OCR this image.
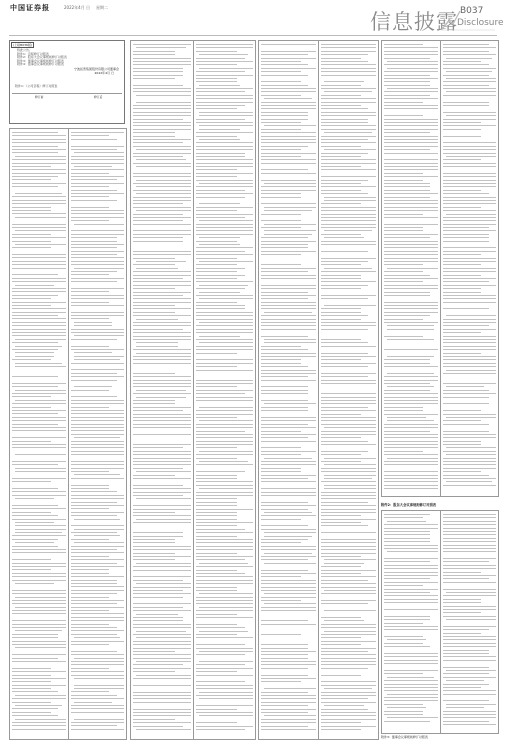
中国证券报	2022年4月 日 星期二
信息披露 B037
Disclosure
(上接B036版)
特此公告。
附件1：章程修订对照表
附件2：股东大会议事规则修订对照表
附件3：董事会议事规则修订对照表
附件4：监事会议事规则修订对照表
宁波拓普集团股份有限公司董事会
2022年4月 日
附件1：《公司章程》修订对照表
修订前	修订后
附件2：股东大会议事规则修订对照表
附件3：董事会议事规则修订对照表
